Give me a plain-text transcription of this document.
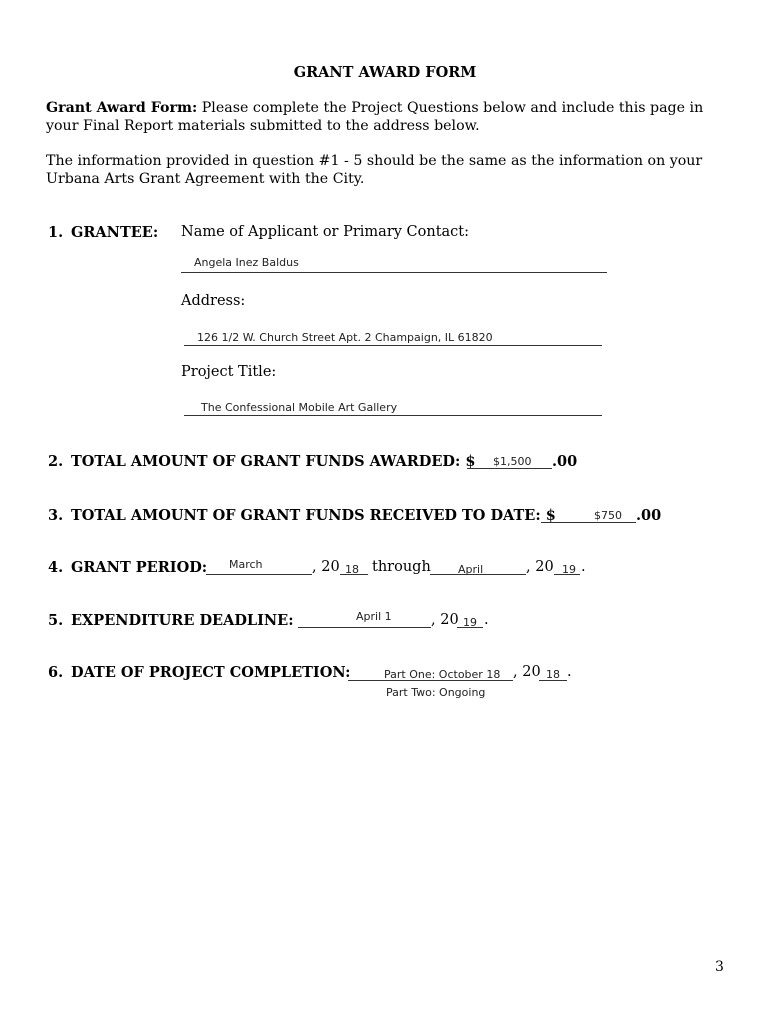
GRANT AWARD FORM
Grant Award Form: Please complete the Project Questions below and include this page in your Final Report materials submitted to the address below.
The information provided in question #1 - 5 should be the same as the information on your Urbana Arts Grant Agreement with the City.
1. GRANTEE: Name of Applicant or Primary Contact:
Angela Inez Baldus
Address:
126 1/2 W. Church Street Apt. 2 Champaign, IL 61820
Project Title:
The Confessional Mobile Art Gallery
2. TOTAL AMOUNT OF GRANT FUNDS AWARDED: $ $1,500 .00
3. TOTAL AMOUNT OF GRANT FUNDS RECEIVED TO DATE: $	$750 .00
4. GRANT PERIOD: March	, 20 18 through April	, 20 19 .
5. EXPENDITURE DEADLINE:	April 1	, 20 19 .
6. DATE OF PROJECT COMPLETION:	Part One: October 18 , 20 18 .
Part Two: Ongoing
3
